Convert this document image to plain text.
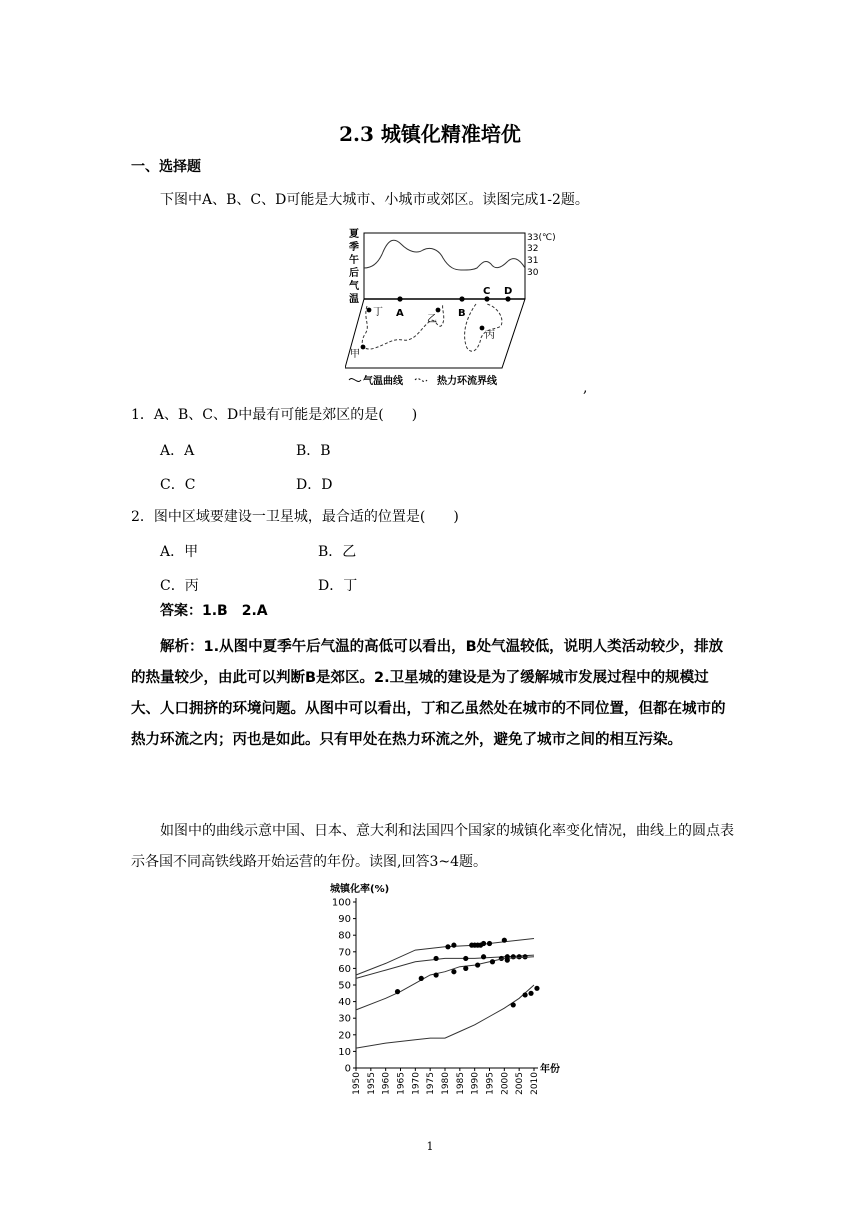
2.3 城镇化精准培优
一、选择题
下图中A、B、C、D可能是大城市、小城市或郊区。读图完成1-2题。
夏
季
午
后
气
温
33(℃)
32
31
30
C D
A	B
丁
乙
丙
甲
气温曲线	热力环流界线	,
1．A、B、C、D中最有可能是郊区的是(　　)
A．A	B．B
C．C	D．D
2．图中区域要建设一卫星城，最合适的位置是(　　)
A．甲	B．乙
C．丙	D．丁
答案：1.B　2.A
解析：1.从图中夏季午后气温的高低可以看出，B处气温较低，说明人类活动较少，排放的热量较少，由此可以判断B是郊区。2.卫星城的建设是为了缓解城市发展过程中的规模过大、人口拥挤的环境问题。从图中可以看出，丁和乙虽然处在城市的不同位置，但都在城市的热力环流之内；丙也是如此。只有甲处在热力环流之外，避免了城市之间的相互污染。
如图中的曲线示意中国、日本、意大利和法国四个国家的城镇化率变化情况，曲线上的圆点表示各国不同高铁线路开始运营的年份。读图,回答3~4题。
城镇化率(%)
0
10
20
30
40
50
60
70
80
90
100
1950 1955 1960 1965 1970 1975 1980 1985 1990 1995 2000 2005 2010
年份
1
